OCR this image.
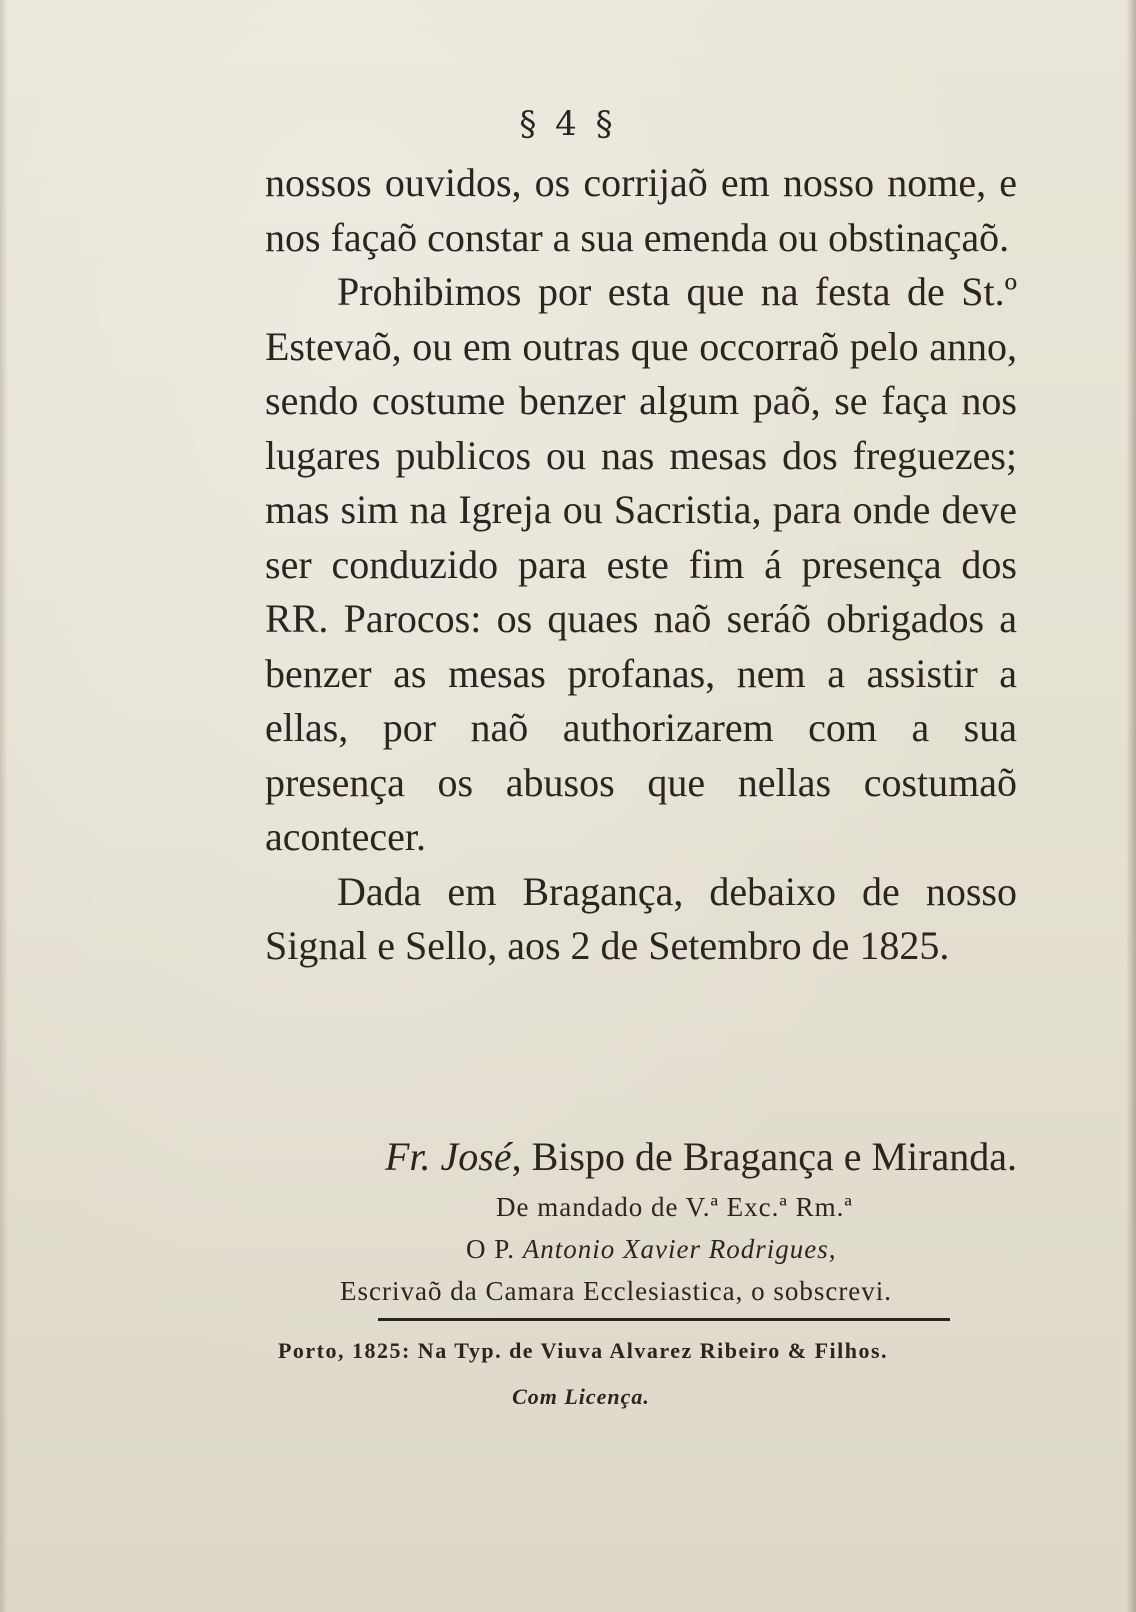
§ 4 §

nossos ouvidos, os corrijaõ em nosso nome, e nos façaõ constar a sua emenda ou obstinaçaõ.

Prohibimos por esta que na festa de St.º Estevaõ, ou em outras que occorraõ pelo anno, sendo costume benzer algum paõ, se faça nos lugares publicos ou nas mesas dos freguezes; mas sim na Igreja ou Sacristia, para onde deve ser conduzido para este fim á presença dos RR. Parocos: os quaes naõ seráõ obrigados a benzer as mesas profanas, nem a assistir a ellas, por naõ authorizarem com a sua presença os abusos que nellas costumaõ acontecer.

Dada em Bragança, debaixo de nosso Signal e Sello, aos 2 de Setembro de 1825.

Fr. José, Bispo de Bragança e Miranda.
De mandado de V.ª Exc.ª Rm.ª
O P. Antonio Xavier Rodrigues,
Escrivaõ da Camara Ecclesiastica, o sobscrevi.
Porto, 1825: Na Typ. de Viuva Alvarez Ribeiro & Filhos.
Com Licença.
